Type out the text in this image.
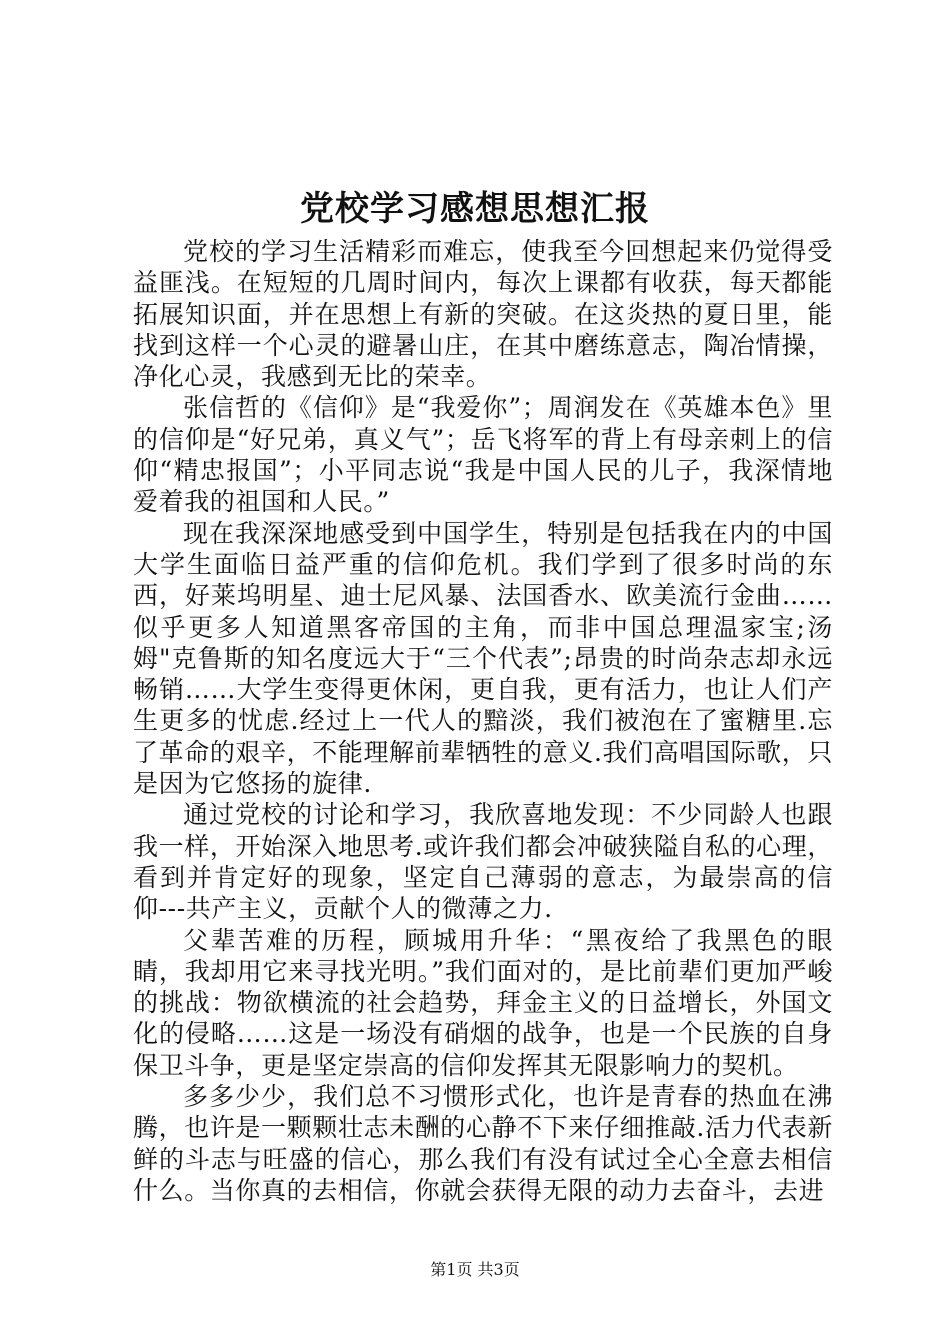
党校学习感想思想汇报

党校的学习生活精彩而难忘，使我至今回想起来仍觉得受益匪浅。在短短的几周时间内，每次上课都有收获，每天都能拓展知识面，并在思想上有新的突破。在这炎热的夏日里，能找到这样一个心灵的避暑山庄，在其中磨练意志，陶冶情操，净化心灵，我感到无比的荣幸。

张信哲的《信仰》是“我爱你”；周润发在《英雄本色》里的信仰是“好兄弟，真义气”；岳飞将军的背上有母亲刺上的信仰“精忠报国”；小平同志说“我是中国人民的儿子，我深情地爱着我的祖国和人民。”

现在我深深地感受到中国学生，特别是包括我在内的中国大学生面临日益严重的信仰危机。我们学到了很多时尚的东西，好莱坞明星、迪士尼风暴、法国香水、欧美流行金曲……似乎更多人知道黑客帝国的主角，而非中国总理温家宝;汤姆"克鲁斯的知名度远大于“三个代表”;昂贵的时尚杂志却永远畅销……大学生变得更休闲，更自我，更有活力，也让人们产生更多的忧虑.经过上一代人的黯淡，我们被泡在了蜜糖里.忘了革命的艰辛，不能理解前辈牺牲的意义.我们高唱国际歌，只是因为它悠扬的旋律.

通过党校的讨论和学习，我欣喜地发现：不少同龄人也跟我一样，开始深入地思考.或许我们都会冲破狭隘自私的心理，看到并肯定好的现象，坚定自己薄弱的意志，为最崇高的信仰---共产主义，贡献个人的微薄之力.

父辈苦难的历程，顾城用升华：“黑夜给了我黑色的眼睛，我却用它来寻找光明。”我们面对的，是比前辈们更加严峻的挑战：物欲横流的社会趋势，拜金主义的日益增长，外国文化的侵略……这是一场没有硝烟的战争，也是一个民族的自身保卫斗争，更是坚定崇高的信仰发挥其无限影响力的契机。

多多少少，我们总不习惯形式化，也许是青春的热血在沸腾，也许是一颗颗壮志未酬的心静不下来仔细推敲.活力代表新鲜的斗志与旺盛的信心，那么我们有没有试过全心全意去相信什么。当你真的去相信，你就会获得无限的动力去奋斗，去进

第1页 共3页
